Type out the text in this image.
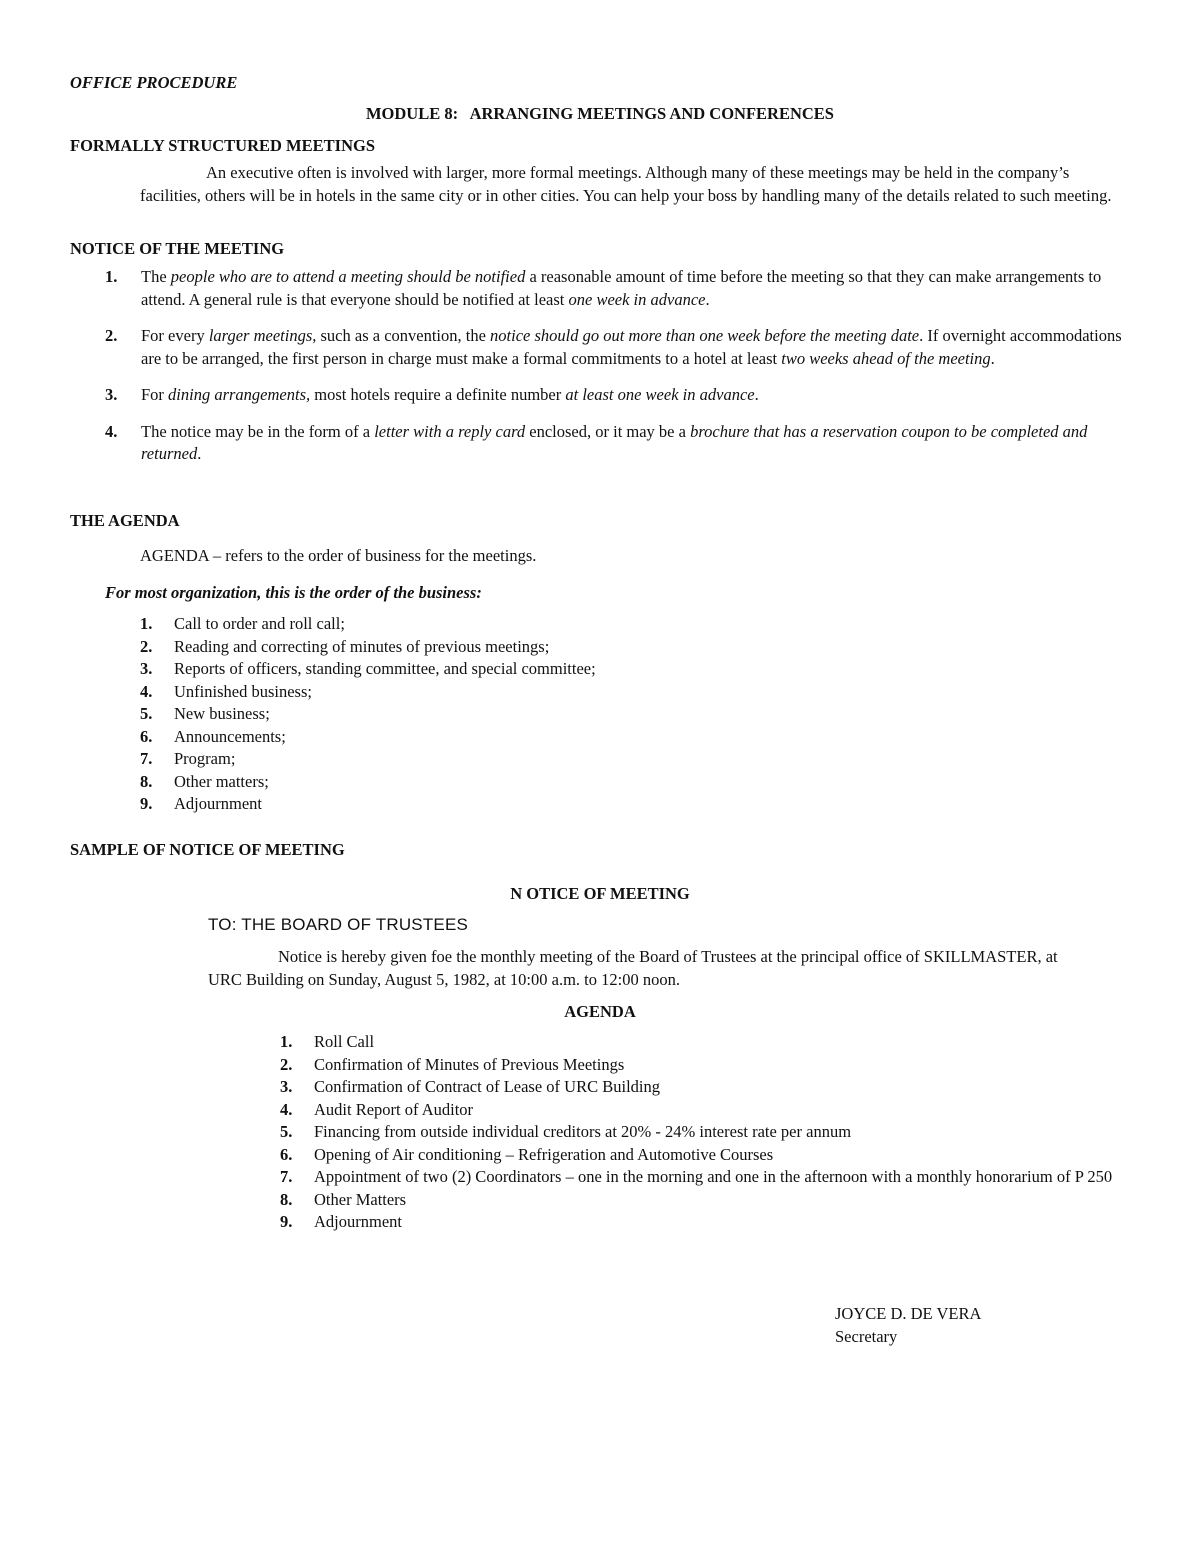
OFFICE PROCEDURE
MODULE 8:   ARRANGING MEETINGS AND CONFERENCES
FORMALLY STRUCTURED MEETINGS

An executive often is involved with larger, more formal meetings. Although many of these meetings may be held in the company’s facilities, others will be in hotels in the same city or in other cities. You can help your boss by handling many of the details related to such meeting.

NOTICE OF THE MEETING
1. The people who are to attend a meeting should be notified a reasonable amount of time before the meeting so that they can make arrangements to attend. A general rule is that everyone should be notified at least one week in advance.
2. For every larger meetings, such as a convention, the notice should go out more than one week before the meeting date. If overnight accommodations are to be arranged, the first person in charge must make a formal commitments to a hotel at least two weeks ahead of the meeting.
3. For dining arrangements, most hotels require a definite number at least one week in advance.
4. The notice may be in the form of a letter with a reply card enclosed, or it may be a brochure that has a reservation coupon to be completed and returned.
THE AGENDA
AGENDA – refers to the order of business for the meetings.
For most organization, this is the order of the business:
1. Call to order and roll call;
2. Reading and correcting of minutes of previous meetings;
3. Reports of officers, standing committee, and special committee;
4. Unfinished business;
5. New business;
6. Announcements;
7. Program;
8. Other matters;
9. Adjournment
SAMPLE OF NOTICE OF MEETING
N OTICE OF MEETING
TO: THE BOARD OF TRUSTEES

Notice is hereby given foe the monthly meeting of the Board of Trustees at the principal office of SKILLMASTER, at URC Building on Sunday, August 5, 1982, at 10:00 a.m. to 12:00 noon.

AGENDA
1. Roll Call
2. Confirmation of Minutes of Previous Meetings
3. Confirmation of Contract of Lease of URC Building
4. Audit Report of Auditor
5. Financing from outside individual creditors at 20% - 24% interest rate per annum
6. Opening of Air conditioning – Refrigeration and Automotive Courses
7. Appointment of two (2) Coordinators – one in the morning and one in the afternoon with a monthly honorarium of P 250
8. Other Matters
9. Adjournment
JOYCE D. DE VERA
Secretary
